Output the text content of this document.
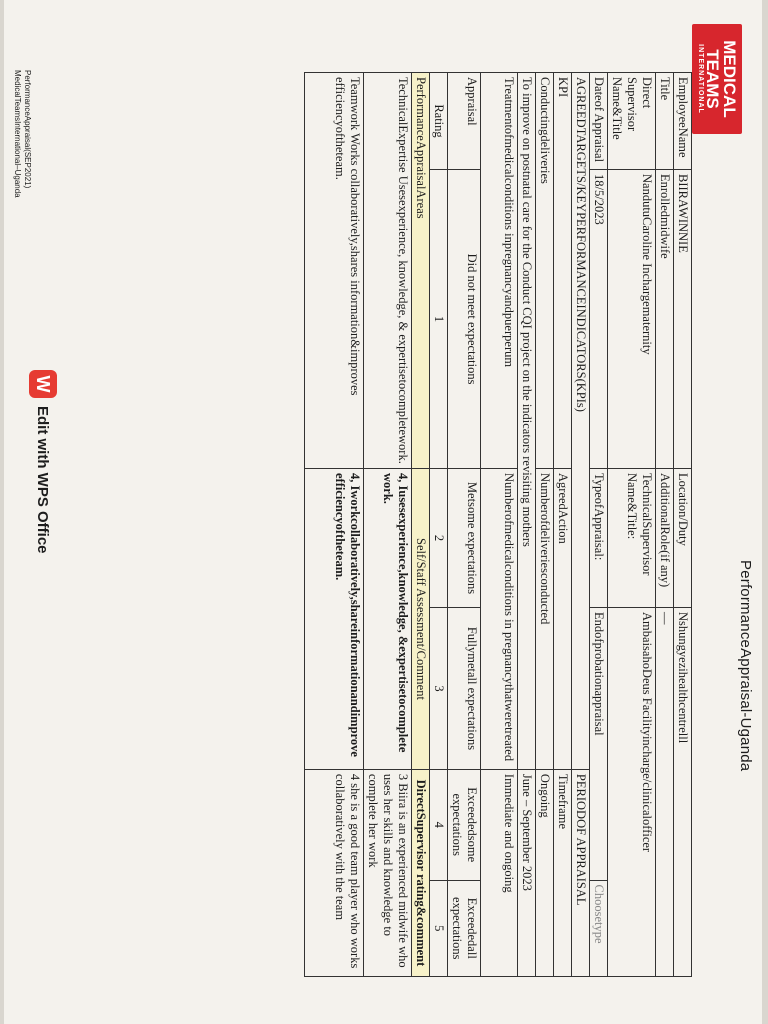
MEDICAL
TEAMS
INTERNATIONAL
PerformanceAppraisal-Uganda
EmployeeName	BIIRAWINNIE	Location/Duty	Nshungyezihealthcentrelll		
Title	Enrolledmidwife	AdditionalRole(if any)	—		
Direct Supervisor Name&Title	NandutuCaroline Inchargematernity	TechnicalSupervisor Name&Title:	AmbaisahoDeus Facilityincharge/clinicalofficer		
Dateof Appraisal	18/5/2023	TypeofAppraisal:	Endofprobationappraisal		Choosetype
AGREEDTARGETS/KEYPERFORMANCEINDICATORS(KPIs)				PERIODOF APPRAISAL	
KPI		AgreedAction		Timeframe	
Conductingdeliveries		Numberofdeliveriesconducted		Ongoing	
To improve on postnatal care for the Conduct CQI project on the indicators revisiting mothers				June – September 2023	
Treatmentofmedicalconditions inpregnancyandpuerperum		Numberofmedicalconditions in pregnancythatweretreated		Immediate and ongoing	
Appraisal	Did not meet expectations	Metsome expectations	Fullymetall expectations	Exceededsome expectations	Exceededall expectations
Rating	1	2	3	4	5
PerformanceAppraisalAreas		Self/Staff Assessment/Comment		DirectSupervisor rating&comment	
TechnicalExpertise Usesexperience, knowledge, & expertisetocompletework.		4, Iusesexperience,knowledge, &expertisetocomplete work.		3 Biira is an experienced midwife who uses her skills and knowledge to complete her work	
Teamwork Works collaboratively,shares information&improves efficiencyoftheteam.		4, Iworkcollaboratively,shareinformationandimprove efficiencyoftheteam.		4 she is a good team player who works collaboratively with the team	
PerformanceAppraisal(SEP2021)
MedicalTeamsInternational–Uganda
W
Edit with WPS Office
